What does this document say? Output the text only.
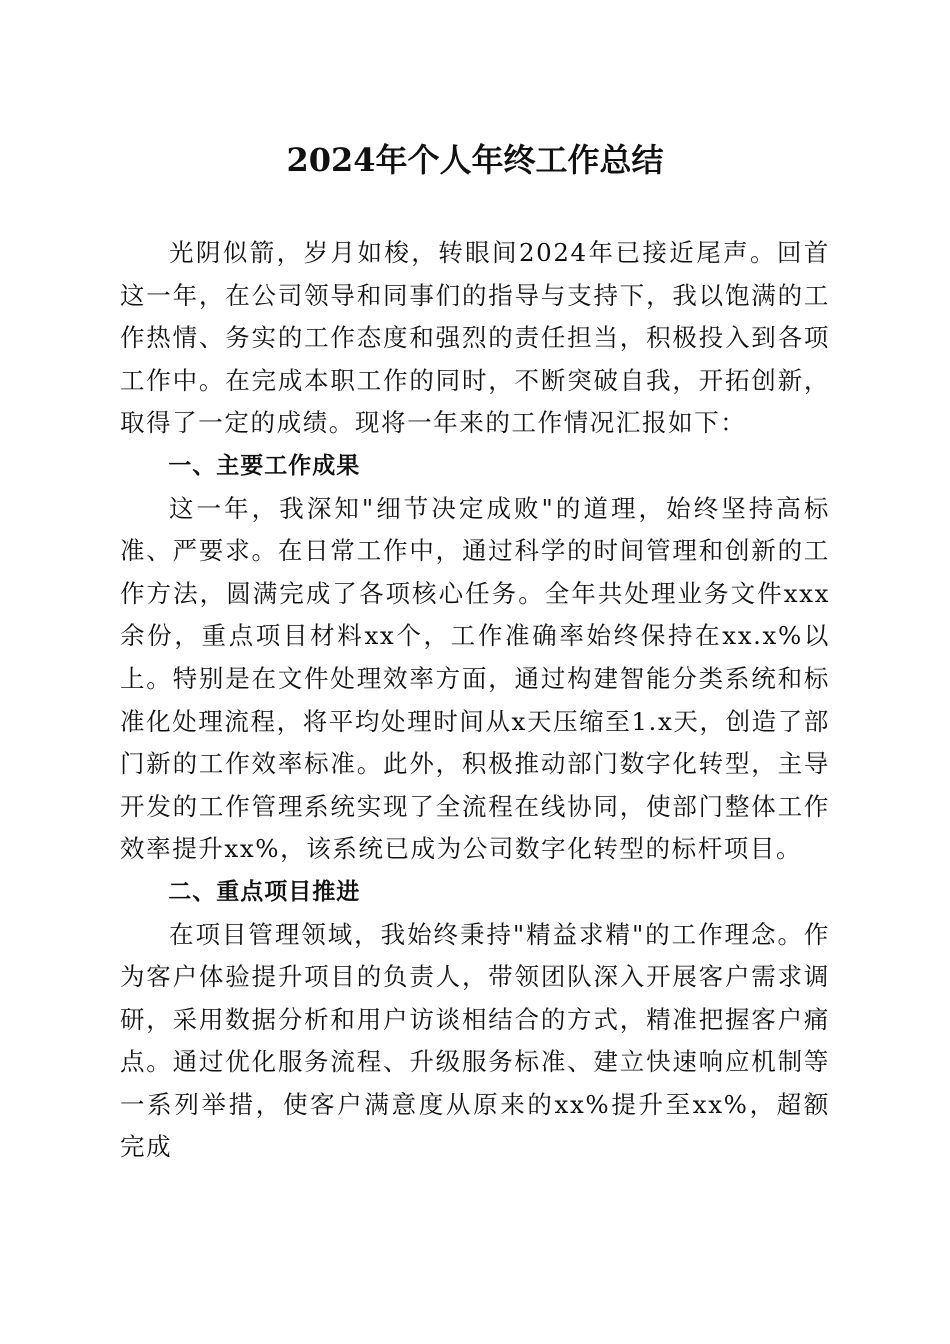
2024年个人年终工作总结

光阴似箭，岁月如梭，转眼间2024年已接近尾声。回首这一年，在公司领导和同事们的指导与支持下，我以饱满的工作热情、务实的工作态度和强烈的责任担当，积极投入到各项工作中。在完成本职工作的同时，不断突破自我，开拓创新，取得了一定的成绩。现将一年来的工作情况汇报如下：

一、主要工作成果

这一年，我深知"细节决定成败"的道理，始终坚持高标准、严要求。在日常工作中，通过科学的时间管理和创新的工作方法，圆满完成了各项核心任务。全年共处理业务文件xxx余份，重点项目材料xx个，工作准确率始终保持在xx.x%以上。特别是在文件处理效率方面，通过构建智能分类系统和标准化处理流程，将平均处理时间从x天压缩至1.x天，创造了部门新的工作效率标准。此外，积极推动部门数字化转型，主导开发的工作管理系统实现了全流程在线协同，使部门整体工作效率提升xx%，该系统已成为公司数字化转型的标杆项目。

二、重点项目推进

在项目管理领域，我始终秉持"精益求精"的工作理念。作为客户体验提升项目的负责人，带领团队深入开展客户需求调研，采用数据分析和用户访谈相结合的方式，精准把握客户痛点。通过优化服务流程、升级服务标准、建立快速响应机制等一系列举措，使客户满意度从原来的xx%提升至xx%，超额完成
